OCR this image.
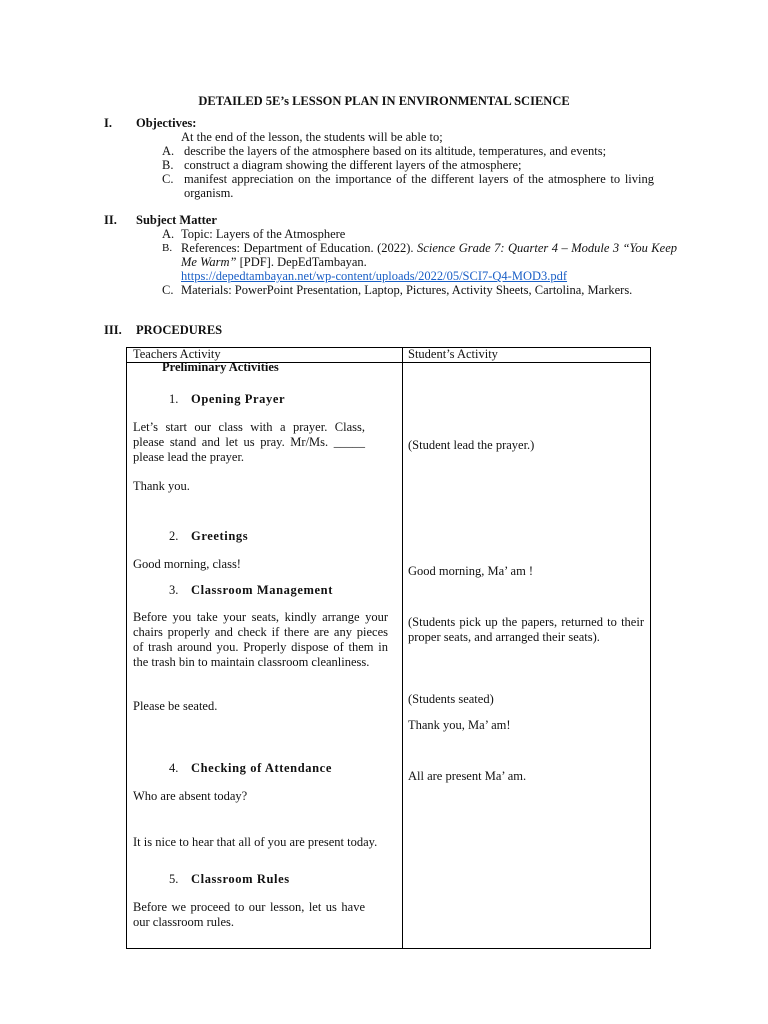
DETAILED 5E’s LESSON PLAN IN ENVIRONMENTAL SCIENCE
I. Objectives:
At the end of the lesson, the students will be able to;
A. describe the layers of the atmosphere based on its altitude, temperatures, and events;
B. construct a diagram showing the different layers of the atmosphere;
C. manifest appreciation on the importance of the different layers of the atmosphere to living organism.
II. Subject Matter
A. Topic: Layers of the Atmosphere
B. References: Department of Education. (2022). Science Grade 7: Quarter 4 – Module 3 “You Keep Me Warm” [PDF]. DepEdTambayan.
https://depedtambayan.net/wp-content/uploads/2022/05/SCI7-Q4-MOD3.pdf
C. Materials: PowerPoint Presentation, Laptop, Pictures, Activity Sheets, Cartolina, Markers.
III. PROCEDURES
Teachers Activity	Student’s Activity
Preliminary Activities
1. Opening Prayer
Let’s start our class with a prayer. Class, please stand and let us pray. Mr/Ms. _____ please lead the prayer.
Thank you.
2. Greetings
Good morning, class!
3. Classroom Management
Before you take your seats, kindly arrange your chairs properly and check if there are any pieces of trash around you. Properly dispose of them in the trash bin to maintain classroom cleanliness.
Please be seated.
4. Checking of Attendance
Who are absent today?
It is nice to hear that all of you are present today.
5. Classroom Rules
Before we proceed to our lesson, let us have our classroom rules.
(Student lead the prayer.)
Good morning, Ma’ am !
(Students pick up the papers, returned to their proper seats, and arranged their seats).
(Students seated)
Thank you, Ma’ am!
All are present Ma’ am.
